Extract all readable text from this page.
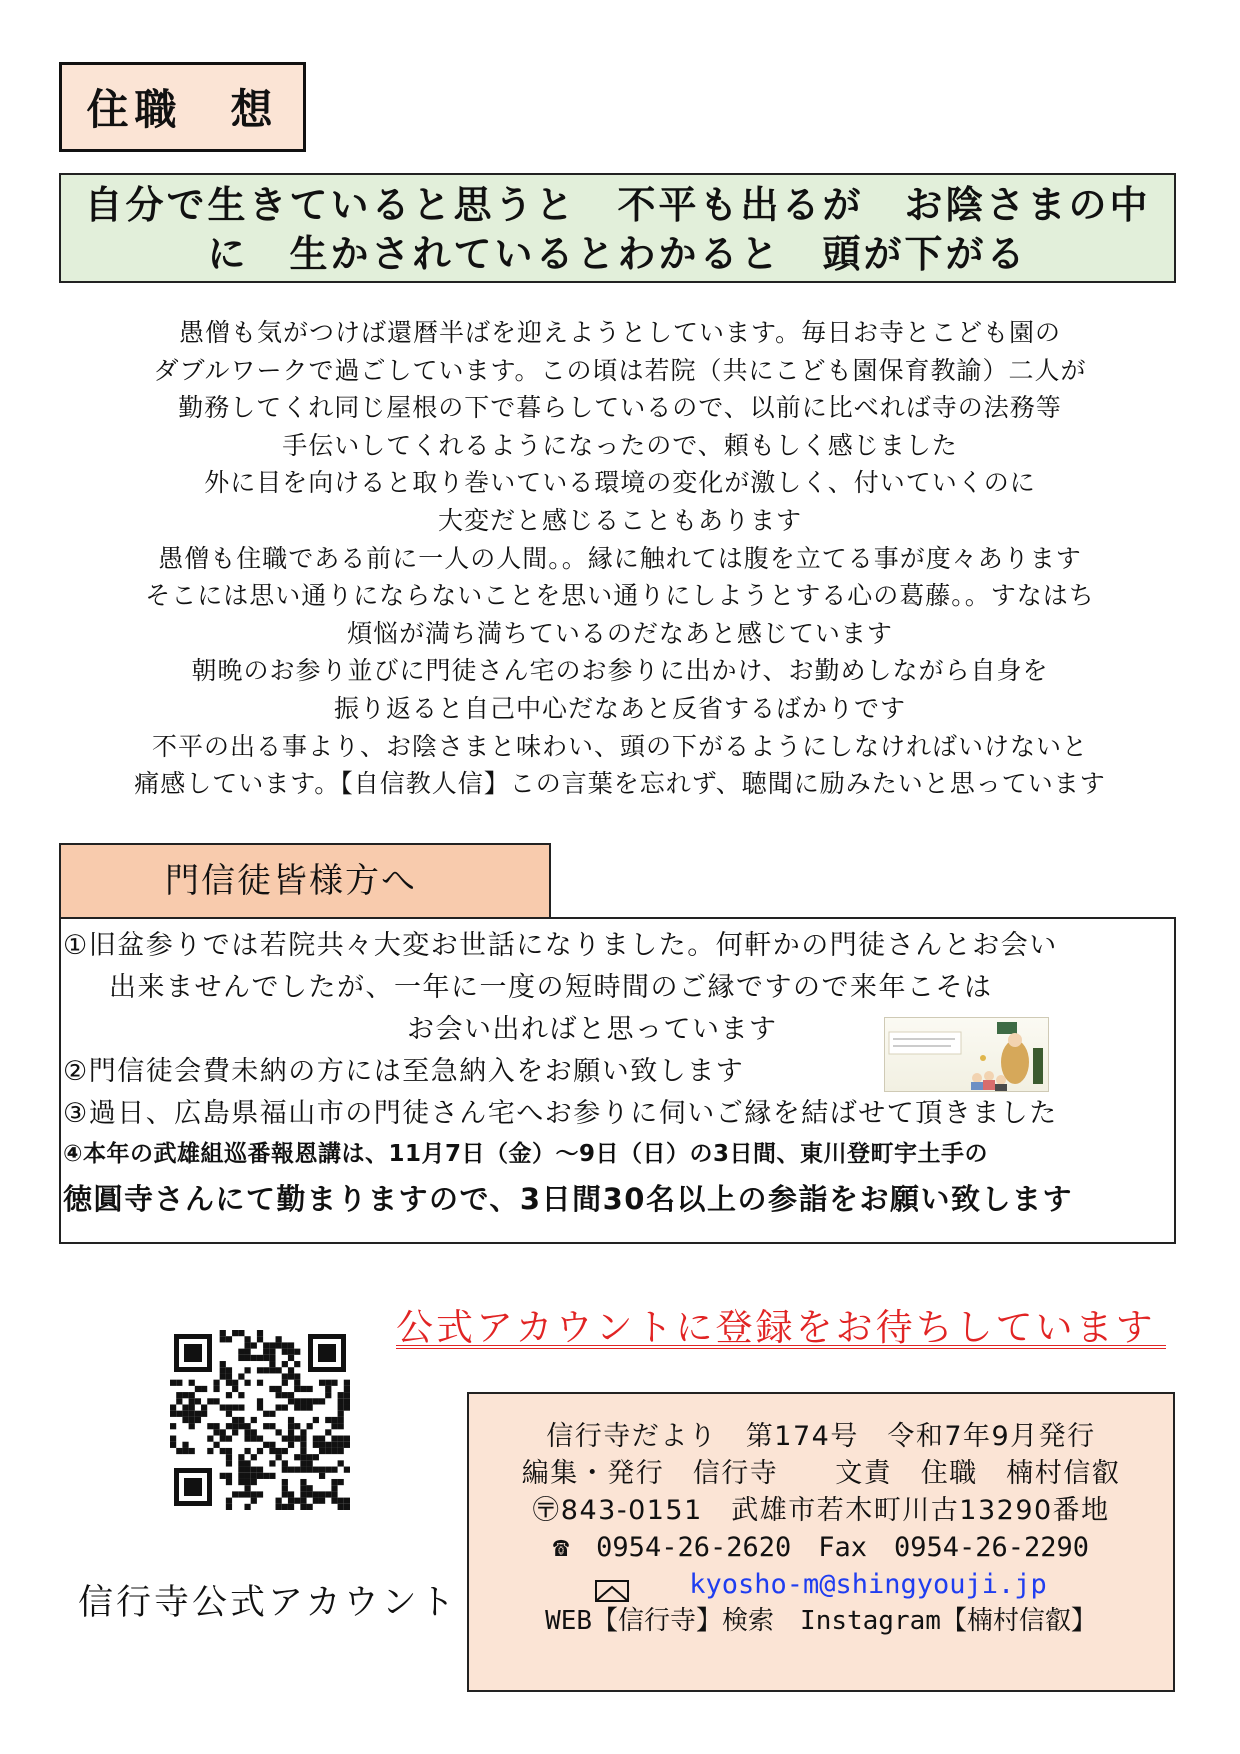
住職　想
自分で生きていると思うと　不平も出るが　お陰さまの中に　生かされているとわかると　頭が下がる

愚僧も気がつけば還暦半ばを迎えようとしています。毎日お寺とこども園の

ダブルワークで過ごしています。この頃は若院（共にこども園保育教諭）二人が

勤務してくれ同じ屋根の下で暮らしているので、以前に比べれば寺の法務等

手伝いしてくれるようになったので、頼もしく感じました

外に目を向けると取り巻いている環境の変化が激しく、付いていくのに

大変だと感じることもあります

愚僧も住職である前に一人の人間。。縁に触れては腹を立てる事が度々あります

そこには思い通りにならないことを思い通りにしようとする心の葛藤。。すなはち

煩悩が満ち満ちているのだなあと感じています

朝晩のお参り並びに門徒さん宅のお参りに出かけ、お勤めしながら自身を

振り返ると自己中心だなあと反省するばかりです

不平の出る事より、お陰さまと味わい、頭の下がるようにしなければいけないと

痛感しています。【自信教人信】この言葉を忘れず、聴聞に励みたいと思っています

門信徒皆様方へ
①旧盆参りでは若院共々大変お世話になりました。何軒かの門徒さんとお会い
出来ませんでしたが、一年に一度の短時間のご縁ですので来年こそは
お会い出ればと思っています
②門信徒会費未納の方には至急納入をお願い致します
③過日、広島県福山市の門徒さん宅へお参りに伺いご縁を結ばせて頂きました
④本年の武雄組巡番報恩講は、11月7日（金）～9日（日）の3日間、東川登町宇土手の
徳圓寺さんにて勤まりますので、3日間30名以上の参詣をお願い致します
公式アカウントに登録をお待ちしています
信行寺公式アカウント
信行寺だより　第174号　令和7年9月発行
編集・発行　信行寺　　文責　住職　楠村信叡
〶843-0151　武雄市若木町川古13290番地
☎　0954-26-2620　Fax　0954-26-2290
kyosho-m@shingyouji.jp
WEB【信行寺】検索　Instagram【楠村信叡】
